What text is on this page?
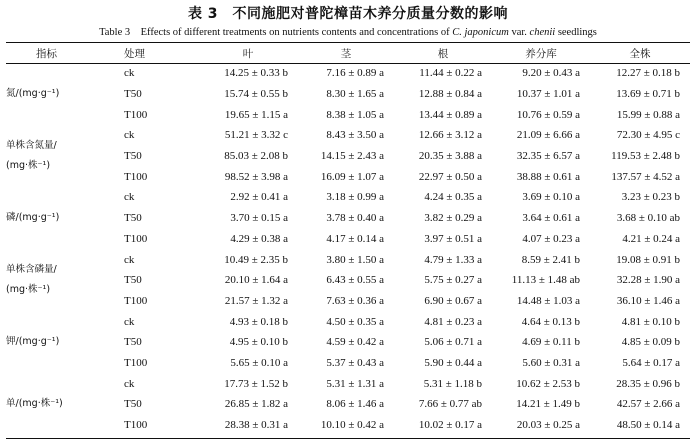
表 3　不同施肥对普陀樟苗木养分质量分数的影响
Table 3　Effects of different treatments on nutrients contents and concentrations of C. japonicum var. chenii seedlings
指标	处理	叶	茎	根	养分库	全株

氮/(mg·g⁻¹)	ck	14.25 ± 0.33 b	7.16 ± 0.89 a	11.44 ± 0.22 a	9.20 ± 0.43 a	12.27 ± 0.18 b
	T50	15.74 ± 0.55 b	8.30 ± 1.65 a	12.88 ± 0.84 a	10.37 ± 1.01 a	13.69 ± 0.71 b
	T100	19.65 ± 1.15 a	8.38 ± 1.05 a	13.44 ± 0.89 a	10.76 ± 0.59 a	15.99 ± 0.88 a

单株含氮量/
(mg·株⁻¹)	ck	51.21 ± 3.32 c	8.43 ± 3.50 a	12.66 ± 3.12 a	21.09 ± 6.66 a	72.30 ± 4.95 c
	T50	85.03 ± 2.08 b	14.15 ± 2.43 a	20.35 ± 3.88 a	32.35 ± 6.57 a	119.53 ± 2.48 b
	T100	98.52 ± 3.98 a	16.09 ± 1.07 a	22.97 ± 0.50 a	38.88 ± 0.61 a	137.57 ± 4.52 a

磷/(mg·g⁻¹)	ck	2.92 ± 0.41 a	3.18 ± 0.99 a	4.24 ± 0.35 a	3.69 ± 0.10 a	3.23 ± 0.23 b
	T50	3.70 ± 0.15 a	3.78 ± 0.40 a	3.82 ± 0.29 a	3.64 ± 0.61 a	3.68 ± 0.10 ab
	T100	4.29 ± 0.38 a	4.17 ± 0.14 a	3.97 ± 0.51 a	4.07 ± 0.23 a	4.21 ± 0.24 a

单株含磷量/
(mg·株⁻¹)	ck	10.49 ± 2.35 b	3.80 ± 1.50 a	4.79 ± 1.33 a	8.59 ± 2.41 b	19.08 ± 0.91 b
	T50	20.10 ± 1.64 a	6.43 ± 0.55 a	5.75 ± 0.27 a	11.13 ± 1.48 ab	32.28 ± 1.90 a
	T100	21.57 ± 1.32 a	7.63 ± 0.36 a	6.90 ± 0.67 a	14.48 ± 1.03 a	36.10 ± 1.46 a

钾/(mg·g⁻¹)	ck	4.93 ± 0.18 b	4.50 ± 0.35 a	4.81 ± 0.23 a	4.64 ± 0.13 b	4.81 ± 0.10 b
	T50	4.95 ± 0.10 b	4.59 ± 0.42 a	5.06 ± 0.71 a	4.69 ± 0.11 b	4.85 ± 0.09 b
	T100	5.65 ± 0.10 a	5.37 ± 0.43 a	5.90 ± 0.44 a	5.60 ± 0.31 a	5.64 ± 0.17 a

单/(mg·株⁻¹)	ck	17.73 ± 1.52 b	5.31 ± 1.31 a	5.31 ± 1.18 b	10.62 ± 2.53 b	28.35 ± 0.96 b
	T50	26.85 ± 1.82 a	8.06 ± 1.46 a	7.66 ± 0.77 ab	14.21 ± 1.49 b	42.57 ± 2.66 a
	T100	28.38 ± 0.31 a	10.10 ± 0.42 a	10.02 ± 0.17 a	20.03 ± 0.25 a	48.50 ± 0.14 a
